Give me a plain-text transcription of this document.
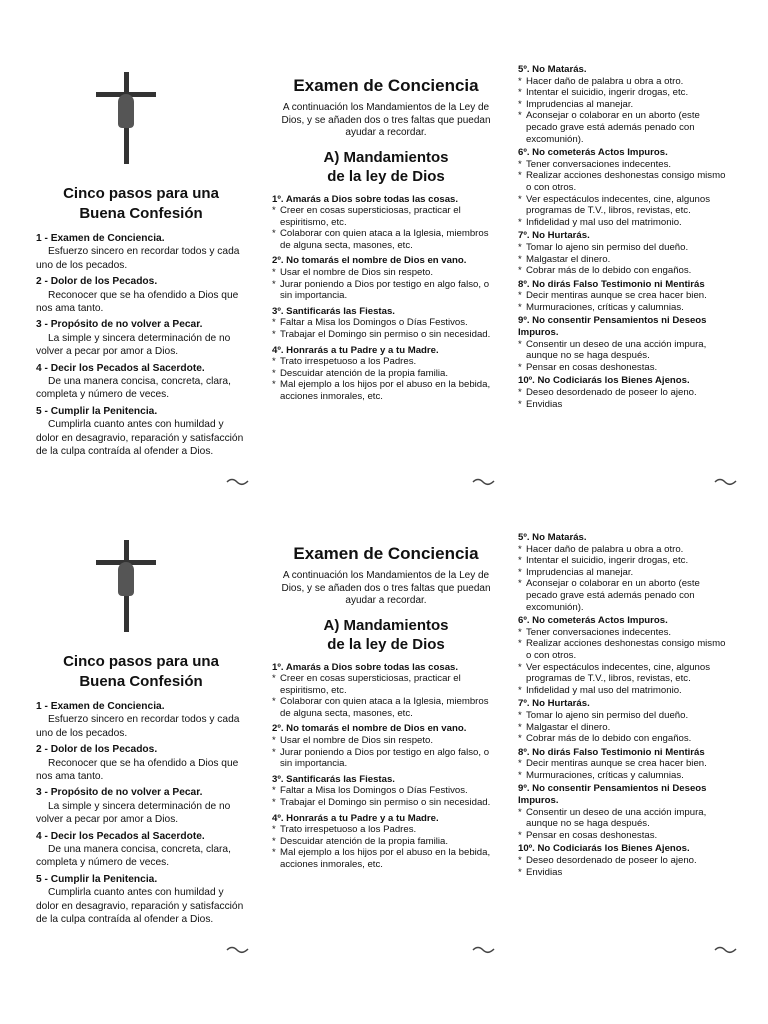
Cinco pasos para una
Buena Confesión
1 - Examen de Conciencia.
Esfuerzo sincero en recordar todos y cada uno de los pecados.
2 - Dolor de los Pecados.
Reconocer que se ha ofendido a Dios que nos ama tanto.
3 - Propósito de no volver a Pecar.
La simple y sincera determinación de no volver a pecar por amor a Dios.
4 - Decir los Pecados al Sacerdote.
De una manera concisa, concreta, clara, completa y número de veces.
5 - Cumplir la Penitencia.
Cumplirla cuanto antes con humildad y dolor en desagravio, reparación y satisfacción de la culpa contraída al ofender a Dios.
Examen de Conciencia
A continuación los Mandamientos de la Ley de Dios, y se añaden dos o tres faltas que puedan ayudar a recordar.
A) Mandamientos
de la ley de Dios
1º. Amarás a Dios sobre todas las cosas.
* Creer en cosas supersticiosas, practicar el espiritismo, etc.
* Colaborar con quien ataca a la Iglesia, miembros de alguna secta, masones, etc.
2º. No tomarás el nombre de Dios en vano.
* Usar el nombre de Dios sin respeto.
* Jurar poniendo a Dios por testigo en algo falso, o sin importancia.
3º. Santificarás las Fiestas.
* Faltar a Misa los Domingos o Días Festivos.
* Trabajar el Domingo sin permiso o sin necesidad.
4º. Honrarás a tu Padre y a tu Madre.
* Trato irrespetuoso a los Padres.
* Descuidar atención de la propia familia.
* Mal ejemplo a los hijos por el abuso en la bebida, acciones inmorales, etc.
5º. No Matarás.
* Hacer daño de palabra u obra a otro.
* Intentar el suicidio, ingerir drogas, etc.
* Imprudencias al manejar.
* Aconsejar o colaborar en un aborto (este pecado grave está además penado con excomunión).
6º. No cometerás Actos Impuros.
* Tener conversaciones indecentes.
* Realizar acciones deshonestas consigo mismo o con otros.
* Ver espectáculos indecentes, cine, algunos programas de T.V., libros, revistas, etc.
* Infidelidad y mal uso del matrimonio.
7º. No Hurtarás.
* Tomar lo ajeno sin permiso del dueño.
* Malgastar el dinero.
* Cobrar más de lo debido con engaños.
8º. No dirás Falso Testimonio ni Mentirás
* Decir mentiras aunque se crea hacer bien.
* Murmuraciones, críticas y calumnias.
9º. No consentir Pensamientos ni Deseos Impuros.
* Consentir un deseo de una acción impura, aunque no se haga después.
* Pensar en cosas deshonestas.
10º. No Codiciarás los Bienes Ajenos.
* Deseo desordenado de poseer lo ajeno.
* Envidias
Cinco pasos para una
Buena Confesión
1 - Examen de Conciencia.
Esfuerzo sincero en recordar todos y cada uno de los pecados.
2 - Dolor de los Pecados.
Reconocer que se ha ofendido a Dios que nos ama tanto.
3 - Propósito de no volver a Pecar.
La simple y sincera determinación de no volver a pecar por amor a Dios.
4 - Decir los Pecados al Sacerdote.
De una manera concisa, concreta, clara, completa y número de veces.
5 - Cumplir la Penitencia.
Cumplirla cuanto antes con humildad y dolor en desagravio, reparación y satisfacción de la culpa contraída al ofender a Dios.
Examen de Conciencia
A continuación los Mandamientos de la Ley de Dios, y se añaden dos o tres faltas que puedan ayudar a recordar.
A) Mandamientos
de la ley de Dios
1º. Amarás a Dios sobre todas las cosas.
* Creer en cosas supersticiosas, practicar el espiritismo, etc.
* Colaborar con quien ataca a la Iglesia, miembros de alguna secta, masones, etc.
2º. No tomarás el nombre de Dios en vano.
* Usar el nombre de Dios sin respeto.
* Jurar poniendo a Dios por testigo en algo falso, o sin importancia.
3º. Santificarás las Fiestas.
* Faltar a Misa los Domingos o Días Festivos.
* Trabajar el Domingo sin permiso o sin necesidad.
4º. Honrarás a tu Padre y a tu Madre.
* Trato irrespetuoso a los Padres.
* Descuidar atención de la propia familia.
* Mal ejemplo a los hijos por el abuso en la bebida, acciones inmorales, etc.
5º. No Matarás.
* Hacer daño de palabra u obra a otro.
* Intentar el suicidio, ingerir drogas, etc.
* Imprudencias al manejar.
* Aconsejar o colaborar en un aborto (este pecado grave está además penado con excomunión).
6º. No cometerás Actos Impuros.
* Tener conversaciones indecentes.
* Realizar acciones deshonestas consigo mismo o con otros.
* Ver espectáculos indecentes, cine, algunos programas de T.V., libros, revistas, etc.
* Infidelidad y mal uso del matrimonio.
7º. No Hurtarás.
* Tomar lo ajeno sin permiso del dueño.
* Malgastar el dinero.
* Cobrar más de lo debido con engaños.
8º. No dirás Falso Testimonio ni Mentirás
* Decir mentiras aunque se crea hacer bien.
* Murmuraciones, críticas y calumnias.
9º. No consentir Pensamientos ni Deseos Impuros.
* Consentir un deseo de una acción impura, aunque no se haga después.
* Pensar en cosas deshonestas.
10º. No Codiciarás los Bienes Ajenos.
* Deseo desordenado de poseer lo ajeno.
* Envidias
